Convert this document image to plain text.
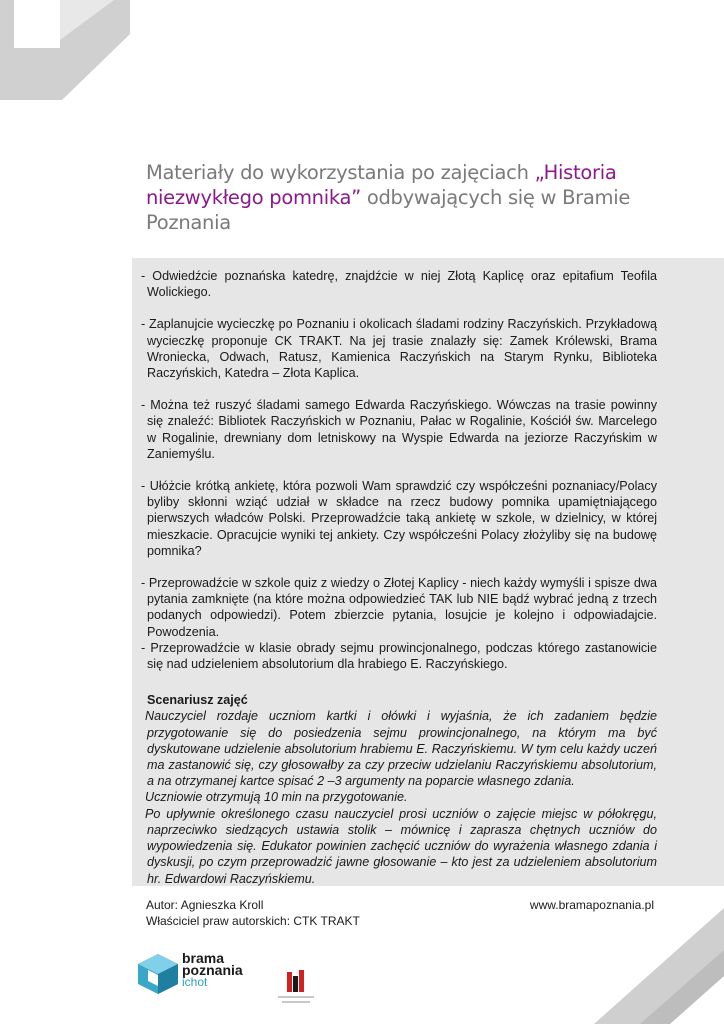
Materiały do wykorzystania po zajęciach „Historia niezwykłego pomnika” odbywających się w Bramie Poznania
- Odwiedźcie poznańska katedrę, znajdźcie w niej Złotą Kaplicę oraz epitafium Teofila Wolickiego.
- Zaplanujcie wycieczkę po Poznaniu i okolicach śladami rodziny Raczyńskich. Przykładową wycieczkę proponuje CK TRAKT. Na jej trasie znalazły się: Zamek Królewski, Brama Wroniecka, Odwach, Ratusz, Kamienica Raczyńskich na Starym Rynku, Biblioteka Raczyńskich, Katedra – Złota Kaplica.
- Można też ruszyć śladami samego Edwarda Raczyńskiego. Wówczas na trasie powinny się znaleźć: Bibliotek Raczyńskich w Poznaniu, Pałac w Rogalinie, Kościół św. Marcelego w Rogalinie, drewniany dom letniskowy na Wyspie Edwarda na jeziorze Raczyńskim w Zaniemyślu.
- Ułóżcie krótką ankietę, która pozwoli Wam sprawdzić czy współcześni poznaniacy/Polacy byliby skłonni wziąć udział w składce na rzecz budowy pomnika upamiętniającego pierwszych władców Polski. Przeprowadźcie taką ankietę w szkole, w dzielnicy, w której mieszkacie. Opracujcie wyniki tej ankiety. Czy współcześni Polacy złożyliby się na budowę pomnika?
- Przeprowadźcie w szkole quiz z wiedzy o Złotej Kaplicy - niech każdy wymyśli i spisze dwa pytania zamknięte (na które można odpowiedzieć TAK lub NIE bądź wybrać jedną z trzech podanych odpowiedzi). Potem zbierzcie pytania, losujcie je kolejno i odpowiadajcie. Powodzenia.
- Przeprowadźcie w klasie obrady sejmu prowincjonalnego, podczas którego zastanowicie się nad udzieleniem absolutorium dla hrabiego E. Raczyńskiego.
Scenariusz zajęć
Nauczyciel rozdaje uczniom kartki i ołówki i wyjaśnia, że ich zadaniem będzie przygotowanie się do posiedzenia sejmu prowincjonalnego, na którym ma być dyskutowane udzielenie absolutorium hrabiemu E. Raczyńskiemu. W tym celu każdy uczeń ma zastanowić się, czy głosowałby za czy przeciw udzielaniu Raczyńskiemu absolutorium, a na otrzymanej kartce spisać 2 –3 argumenty na poparcie własnego zdania.
Uczniowie otrzymują 10 min na przygotowanie.
Po upływnie określonego czasu nauczyciel prosi uczniów o zajęcie miejsc w półokręgu, naprzeciwko siedzących ustawia stolik – mównicę i zaprasza chętnych uczniów do wypowiedzenia się. Edukator powinien zachęcić uczniów do wyrażenia własnego zdania i dyskusji, po czym przeprowadzić jawne głosowanie – kto jest za udzieleniem absolutorium hr. Edwardowi Raczyńskiemu.
Autor: Agnieszka Kroll
Właściciel praw autorskich: CTK TRAKT
www.bramapoznania.pl
brama
poznania
ichot
